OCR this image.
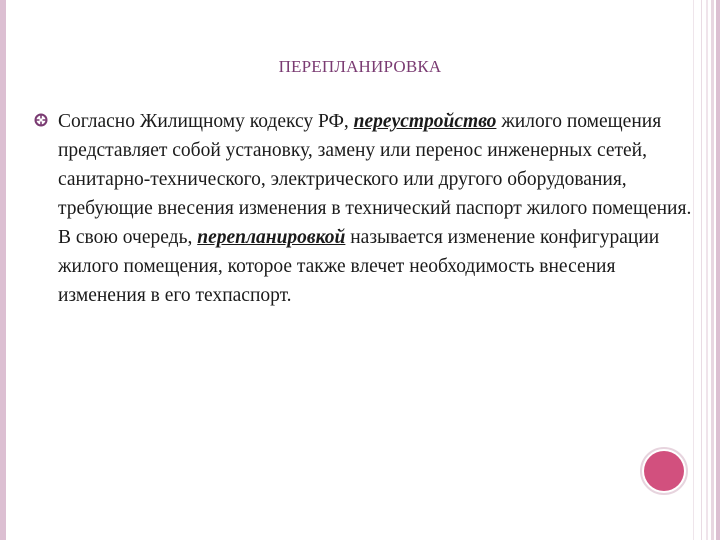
ПЕРЕПЛАНИРОВКА
Согласно Жилищному кодексу РФ, переустройство жилого помещения представляет собой установку, замену или перенос инженерных сетей, санитарно-технического, электрического или другого оборудования, требующие внесения изменения в технический паспорт жилого помещения. В свою очередь, перепланировкой называется изменение конфигурации жилого помещения, которое также влечет необходимость внесения изменения в его техпаспорт.
